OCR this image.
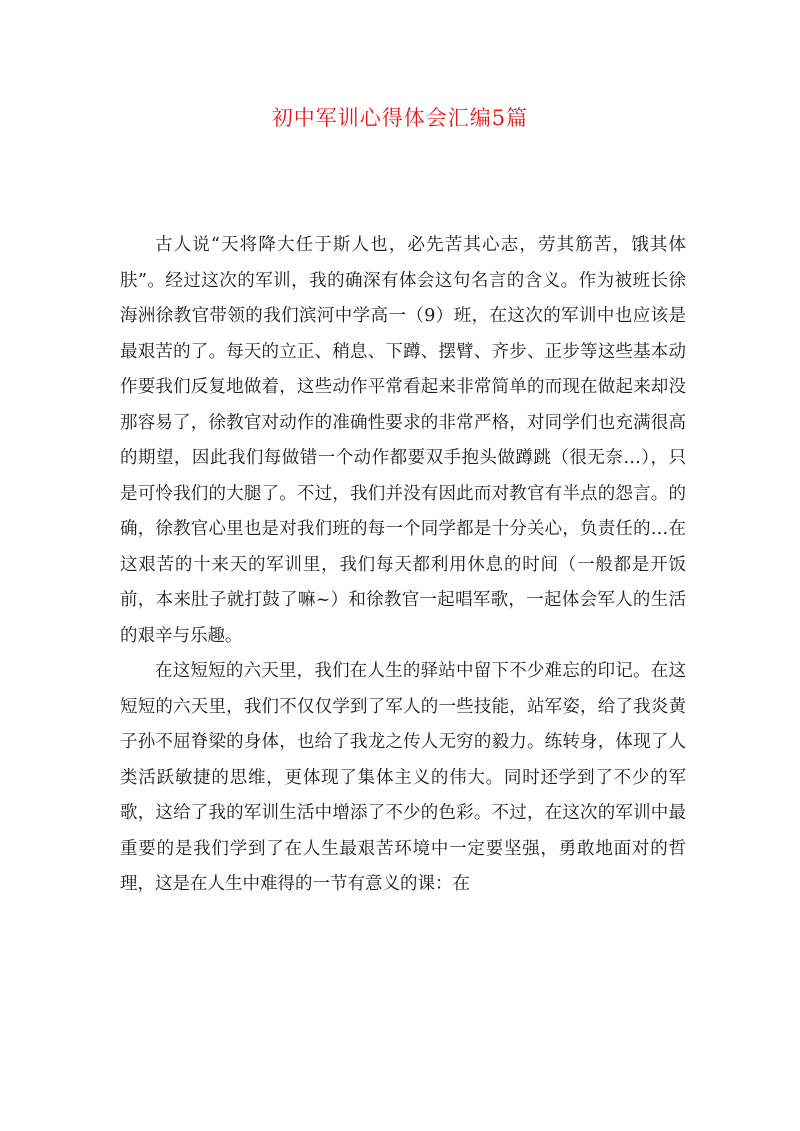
初中军训心得体会汇编5篇

古人说“天将降大任于斯人也，必先苦其心志，劳其筋苦，饿其体肤”。经过这次的军训，我的确深有体会这句名言的含义。作为被班长徐海洲徐教官带领的我们滨河中学高一（9）班，在这次的军训中也应该是最艰苦的了。每天的立正、稍息、下蹲、摆臂、齐步、正步等这些基本动作要我们反复地做着，这些动作平常看起来非常简单的而现在做起来却没那容易了，徐教官对动作的准确性要求的非常严格，对同学们也充满很高的期望，因此我们每做错一个动作都要双手抱头做蹲跳（很无奈…），只是可怜我们的大腿了。不过，我们并没有因此而对教官有半点的怨言。的确，徐教官心里也是对我们班的每一个同学都是十分关心，负责任的…在这艰苦的十来天的军训里，我们每天都利用休息的时间（一般都是开饭前，本来肚子就打鼓了嘛~）和徐教官一起唱军歌，一起体会军人的生活的艰辛与乐趣。

在这短短的六天里，我们在人生的驿站中留下不少难忘的印记。在这短短的六天里，我们不仅仅学到了军人的一些技能，站军姿，给了我炎黄子孙不屈脊梁的身体，也给了我龙之传人无穷的毅力。练转身，体现了人类活跃敏捷的思维，更体现了集体主义的伟大。同时还学到了不少的军歌，这给了我的军训生活中增添了不少的色彩。不过，在这次的军训中最重要的是我们学到了在人生最艰苦环境中一定要坚强，勇敢地面对的哲理，这是在人生中难得的一节有意义的课：在
